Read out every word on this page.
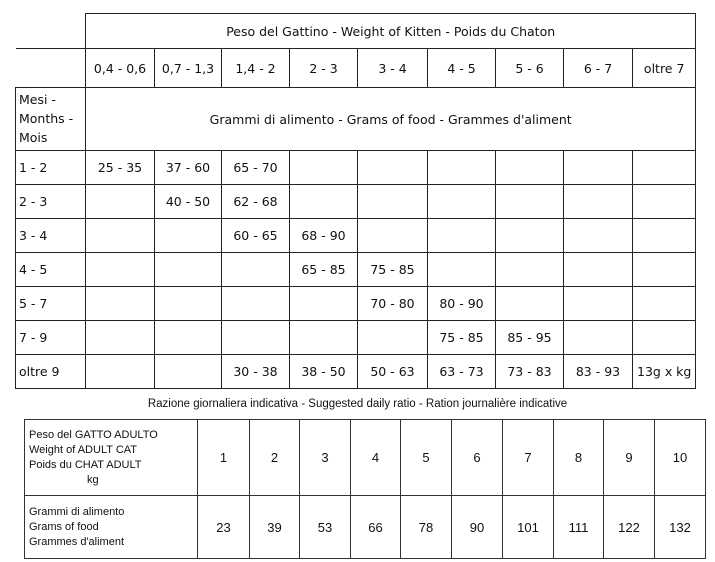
	Peso del Gattino - Weight of Kitten - Poids du Chaton								
	0,4 - 0,6	0,7 - 1,3	1,4 - 2	2 - 3	3 - 4	4 - 5	5 - 6	6 - 7	oltre 7
Mesi -
Months -
Mois	Grammi di alimento - Grams of food - Grammes d'aliment								
1 - 2	25 - 35	37 - 60	65 - 70						
2 - 3		40 - 50	62 - 68						
3 - 4			60 - 65	68 - 90					
4 - 5				65 - 85	75 - 85				
5 - 7					70 - 80	80 - 90			
7 - 9						75 - 85	85 - 95		
oltre 9			30 - 38	38 - 50	50 - 63	63 - 73	73 - 83	83 - 93	13g x kg
Razione giornaliera indicativa - Suggested daily ratio - Ration journalière indicative
Peso del GATTO ADULTO
Weight of ADULT CAT
Poids du CHAT ADULT

kg	1	2	3	4	5	6	7	8	9	10
Grammi di alimento
Grams of food
Grammes d'aliment	23	39	53	66	78	90	101	111	122	132
